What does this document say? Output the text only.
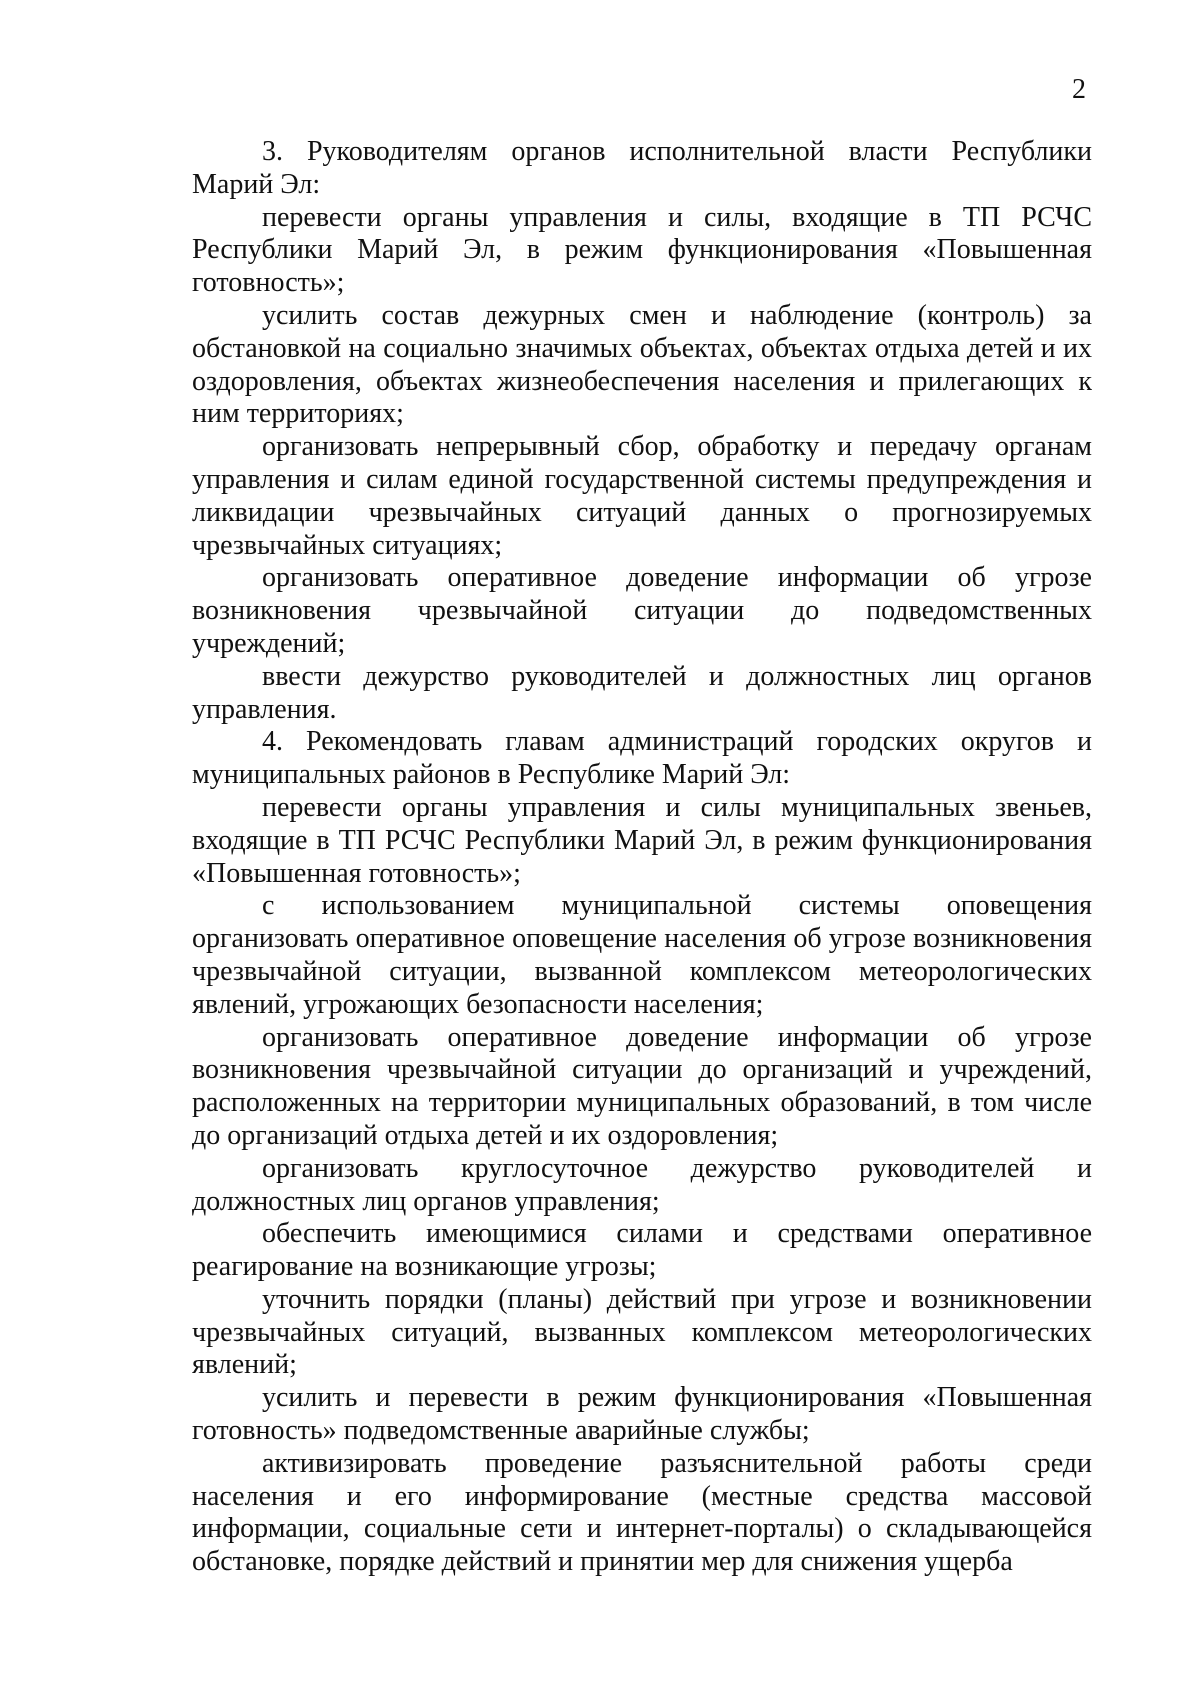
2

3. Руководителям органов исполнительной власти Республики Марий Эл:

перевести органы управления и силы, входящие в ТП РСЧС Республики Марий Эл, в режим функционирования «Повышенная готовность»;

усилить состав дежурных смен и наблюдение (контроль) за обстановкой на социально значимых объектах, объектах отдыха детей и их оздоровления, объектах жизнеобеспечения населения и прилегающих к ним территориях;

организовать непрерывный сбор, обработку и передачу органам управления и силам единой государственной системы предупреждения и ликвидации чрезвычайных ситуаций данных о прогнозируемых чрезвычайных ситуациях;

организовать оперативное доведение информации об угрозе возникновения чрезвычайной ситуации до подведомственных учреждений;

ввести дежурство руководителей и должностных лиц органов управления.

4. Рекомендовать главам администраций городских округов и муниципальных районов в Республике Марий Эл:

перевести органы управления и силы муниципальных звеньев, входящие в ТП РСЧС Республики Марий Эл, в режим функционирования «Повышенная готовность»;

с использованием муниципальной системы оповещения организовать оперативное оповещение населения об угрозе возникновения чрезвычайной ситуации, вызванной комплексом метеорологических явлений, угрожающих безопасности населения;

организовать оперативное доведение информации об угрозе возникновения чрезвычайной ситуации до организаций и учреждений, расположенных на территории муниципальных образований, в том числе до организаций отдыха детей и их оздоровления;

организовать круглосуточное дежурство руководителей и должностных лиц органов управления;

обеспечить имеющимися силами и средствами оперативное реагирование на возникающие угрозы;

уточнить порядки (планы) действий при угрозе и возникновении чрезвычайных ситуаций, вызванных комплексом метеорологических явлений;

усилить и перевести в режим функционирования «Повышенная готовность» подведомственные аварийные службы;

активизировать проведение разъяснительной работы среди населения и его информирование (местные средства массовой информации, социальные сети и интернет-порталы) о складывающейся обстановке, порядке действий и принятии мер для снижения ущерба
